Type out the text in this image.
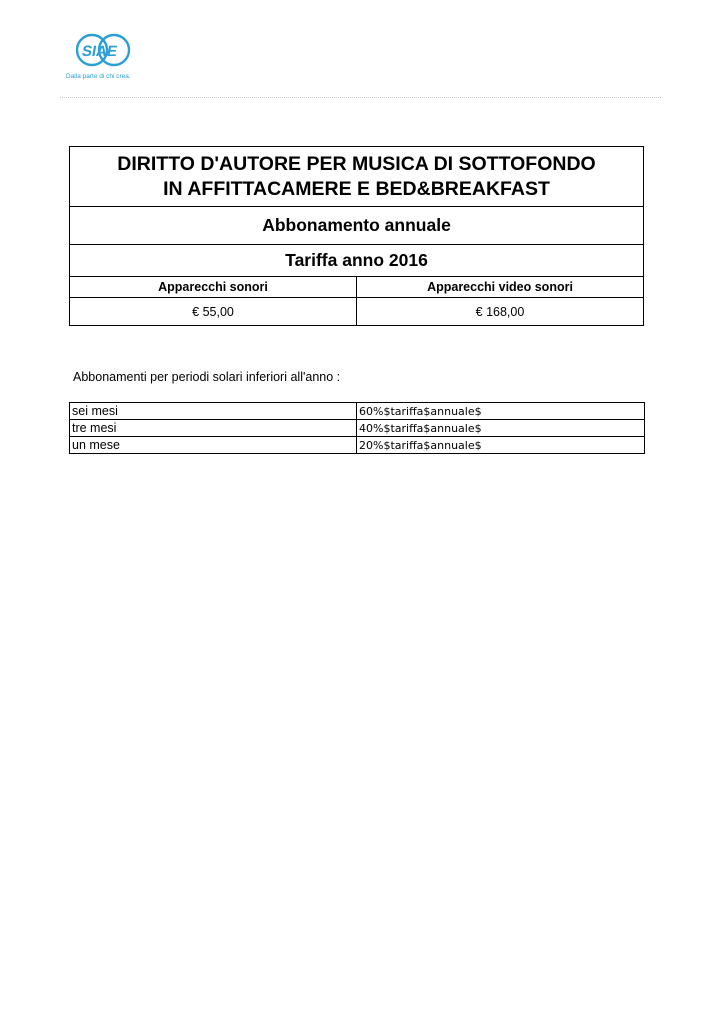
SIAE
Dalla parte di chi crea.
DIRITTO D'AUTORE PER MUSICA DI SOTTOFONDO
IN AFFITTACAMERE E BED&BREAKFAST	

Abbonamento annuale	
Tariffa anno 2016	
Apparecchi sonori	Apparecchi video sonori
€ 55,00	€ 168,00
Abbonamenti per periodi solari inferiori all'anno :
sei mesi	60%$tariffa$annuale$
tre mesi	40%$tariffa$annuale$
un mese	20%$tariffa$annuale$
